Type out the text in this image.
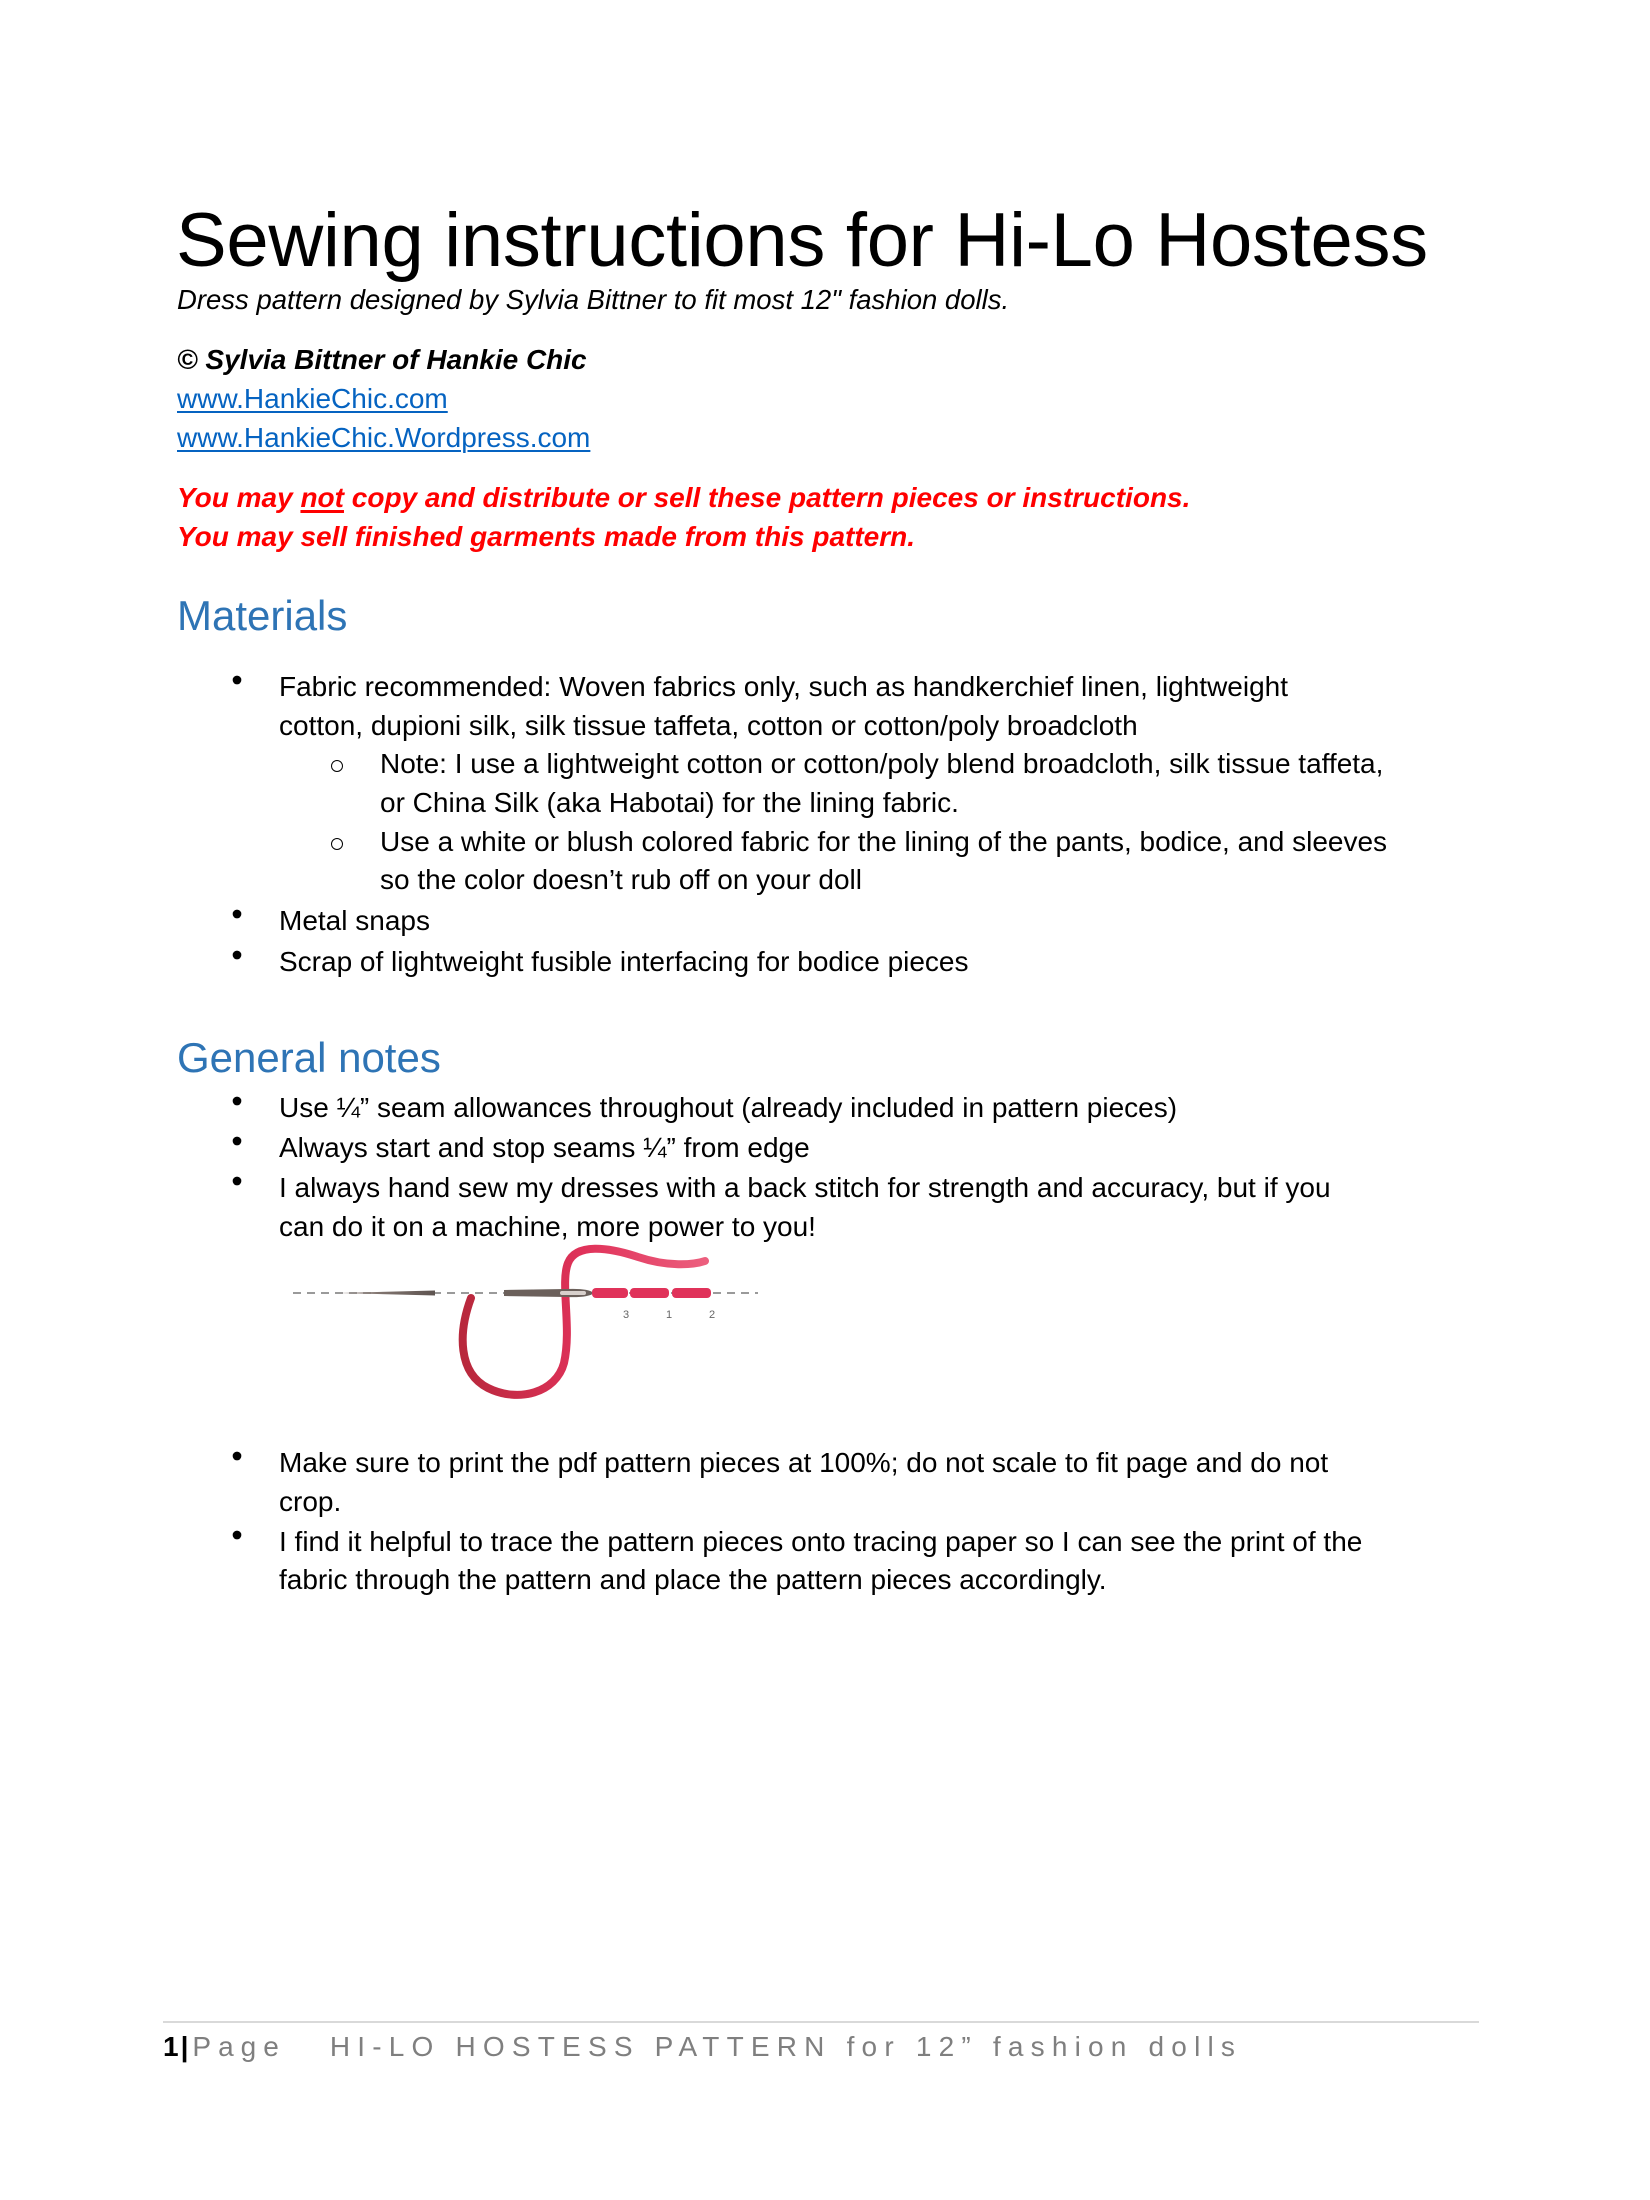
Sewing instructions for Hi-Lo Hostess
Dress pattern designed by Sylvia Bittner to fit most 12" fashion dolls.
© Sylvia Bittner of Hankie Chic
www.HankieChic.com
www.HankieChic.Wordpress.com
You may not copy and distribute or sell these pattern pieces or instructions.
You may sell finished garments made from this pattern.
Materials
Fabric recommended: Woven fabrics only, such as handkerchief linen, lightweight
cotton, dupioni silk, silk tissue taffeta, cotton or cotton/poly broadcloth
Note: I use a lightweight cotton or cotton/poly blend broadcloth, silk tissue taffeta,
or China Silk (aka Habotai) for the lining fabric.
Use a white or blush colored fabric for the lining of the pants, bodice, and sleeves
so the color doesn’t rub off on your doll
Metal snaps
Scrap of lightweight fusible interfacing for bodice pieces
General notes
Use ¼” seam allowances throughout (already included in pattern pieces)
Always start and stop seams ¼” from edge
I always hand sew my dresses with a back stitch for strength and accuracy, but if you
can do it on a machine, more power to you!
3	1	2
Make sure to print the pdf pattern pieces at 100%; do not scale to fit page and do not
crop.
I find it helpful to trace the pattern pieces onto tracing paper so I can see the print of the
fabric through the pattern and place the pattern pieces accordingly.
1| Page HI-LO HOSTESS PATTERN for 12” fashion dolls
